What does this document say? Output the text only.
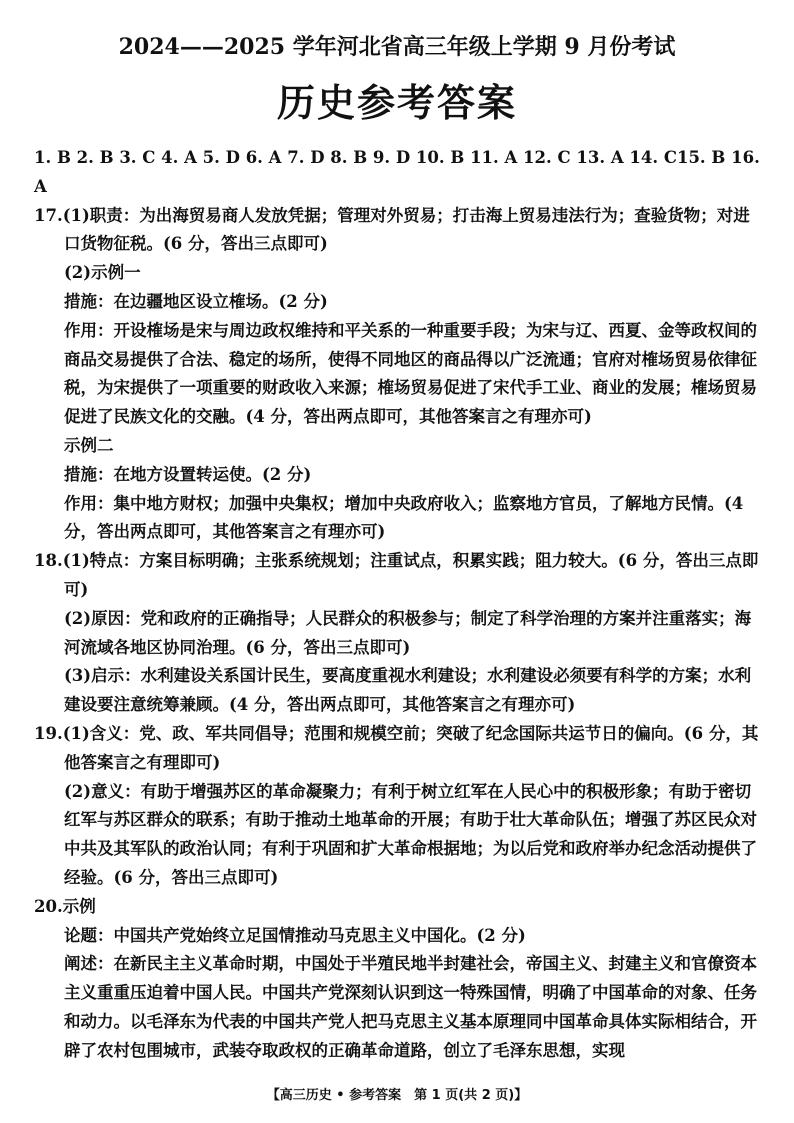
2024——2025 学年河北省高三年级上学期 9 月份考试
历史参考答案

1. B 2. B 3. C 4. A 5. D 6. A 7. D 8. B 9. D 10. B 11. A 12. C 13. A 14. C15. B 16. A

17.(1)职责：为出海贸易商人发放凭据；管理对外贸易；打击海上贸易违法行为；查验货物；对进口货物征税。(6 分，答出三点即可)

(2)示例一

措施：在边疆地区设立榷场。(2 分)

作用：开设榷场是宋与周边政权维持和平关系的一种重要手段；为宋与辽、西夏、金等政权间的商品交易提供了合法、稳定的场所，使得不同地区的商品得以广泛流通；官府对榷场贸易依律征税，为宋提供了一项重要的财政收入来源；榷场贸易促进了宋代手工业、商业的发展；榷场贸易促进了民族文化的交融。(4 分，答出两点即可，其他答案言之有理亦可)

示例二

措施：在地方设置转运使。(2 分)

作用：集中地方财权；加强中央集权；增加中央政府收入；监察地方官员，了解地方民情。(4 分，答出两点即可，其他答案言之有理亦可)

18.(1)特点：方案目标明确；主张系统规划；注重试点，积累实践；阻力较大。(6 分，答出三点即可)

(2)原因：党和政府的正确指导；人民群众的积极参与；制定了科学治理的方案并注重落实；海河流域各地区协同治理。(6 分，答出三点即可)

(3)启示：水利建设关系国计民生，要高度重视水利建设；水利建设必须要有科学的方案；水利建设要注意统筹兼顾。(4 分，答出两点即可，其他答案言之有理亦可)

19.(1)含义：党、政、军共同倡导；范围和规模空前；突破了纪念国际共运节日的偏向。(6 分，其他答案言之有理即可)

(2)意义：有助于增强苏区的革命凝聚力；有利于树立红军在人民心中的积极形象；有助于密切红军与苏区群众的联系；有助于推动土地革命的开展；有助于壮大革命队伍；增强了苏区民众对中共及其军队的政治认同；有利于巩固和扩大革命根据地；为以后党和政府举办纪念活动提供了经验。(6 分，答出三点即可)

20.示例

论题：中国共产党始终立足国情推动马克思主义中国化。(2 分)

阐述：在新民主主义革命时期，中国处于半殖民地半封建社会，帝国主义、封建主义和官僚资本主义重重压迫着中国人民。中国共产党深刻认识到这一特殊国情，明确了中国革命的对象、任务和动力。以毛泽东为代表的中国共产党人把马克思主义基本原理同中国革命具体实际相结合，开辟了农村包围城市，武装夺取政权的正确革命道路，创立了毛泽东思想，实现

【高三历史 • 参考答案　第 1 页(共 2 页)】
